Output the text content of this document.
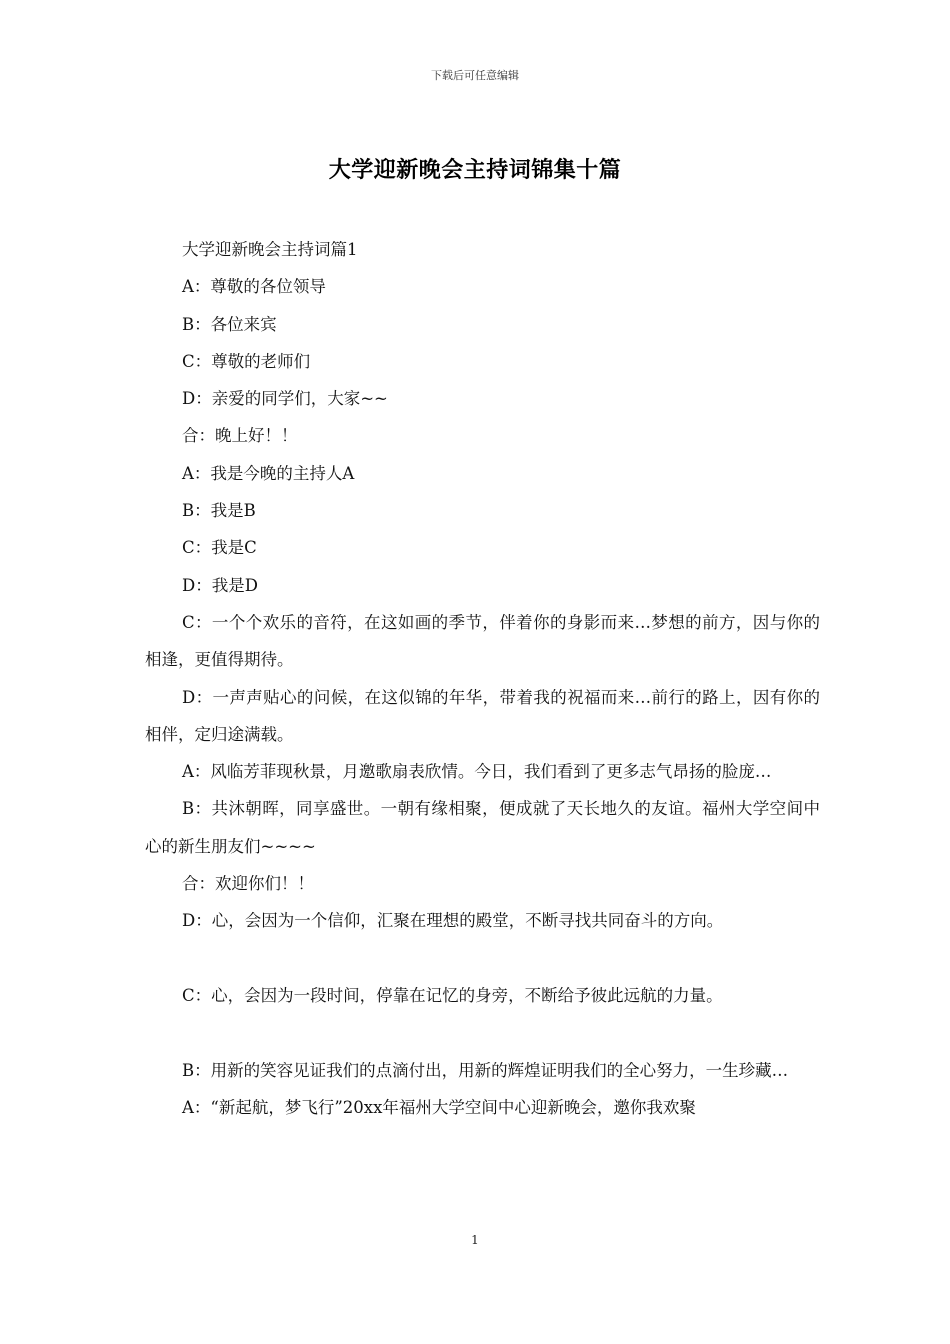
下载后可任意编辑
大学迎新晚会主持词锦集十篇

大学迎新晚会主持词篇1

A：尊敬的各位领导

B：各位来宾

C：尊敬的老师们

D：亲爱的同学们，大家~~

合：晚上好！！

A：我是今晚的主持人A

B：我是B

C：我是C

D：我是D

C：一个个欢乐的音符，在这如画的季节，伴着你的身影而来…梦想的前方，因与你的相逢，更值得期待。

D：一声声贴心的问候，在这似锦的年华，带着我的祝福而来…前行的路上，因有你的相伴，定归途满载。

A：风临芳菲现秋景，月邀歌扇表欣情。今日，我们看到了更多志气昂扬的脸庞…

B：共沐朝晖，同享盛世。一朝有缘相聚，便成就了天长地久的友谊。福州大学空间中心的新生朋友们~~~~

合：欢迎你们！！

D：心，会因为一个信仰，汇聚在理想的殿堂，不断寻找共同奋斗的方向。

C：心，会因为一段时间，停靠在记忆的身旁，不断给予彼此远航的力量。

B：用新的笑容见证我们的点滴付出，用新的辉煌证明我们的全心努力，一生珍藏…

A：“新起航，梦飞行”20xx年福州大学空间中心迎新晚会，邀你我欢聚

1
